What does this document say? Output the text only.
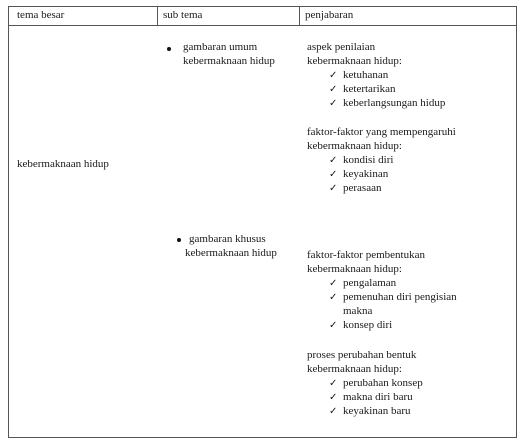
tema besar	sub tema	penjabaran
kebermaknaan hidup
gambaran umum
kebermaknaan hidup
gambaran khusus
kebermaknaan hidup
aspek penilaian
kebermaknaan hidup:
✓ ketuhanan
✓ ketertarikan
✓ keberlangsungan hidup
faktor-faktor yang mempengaruhi
kebermaknaan hidup:
✓ kondisi diri
✓ keyakinan
✓ perasaan
faktor-faktor pembentukan
kebermaknaan hidup:
✓ pengalaman
✓ pemenuhan diri pengisian
makna
✓ konsep diri
proses perubahan bentuk
kebermaknaan hidup:
✓ perubahan konsep
✓ makna diri baru
✓ keyakinan baru
